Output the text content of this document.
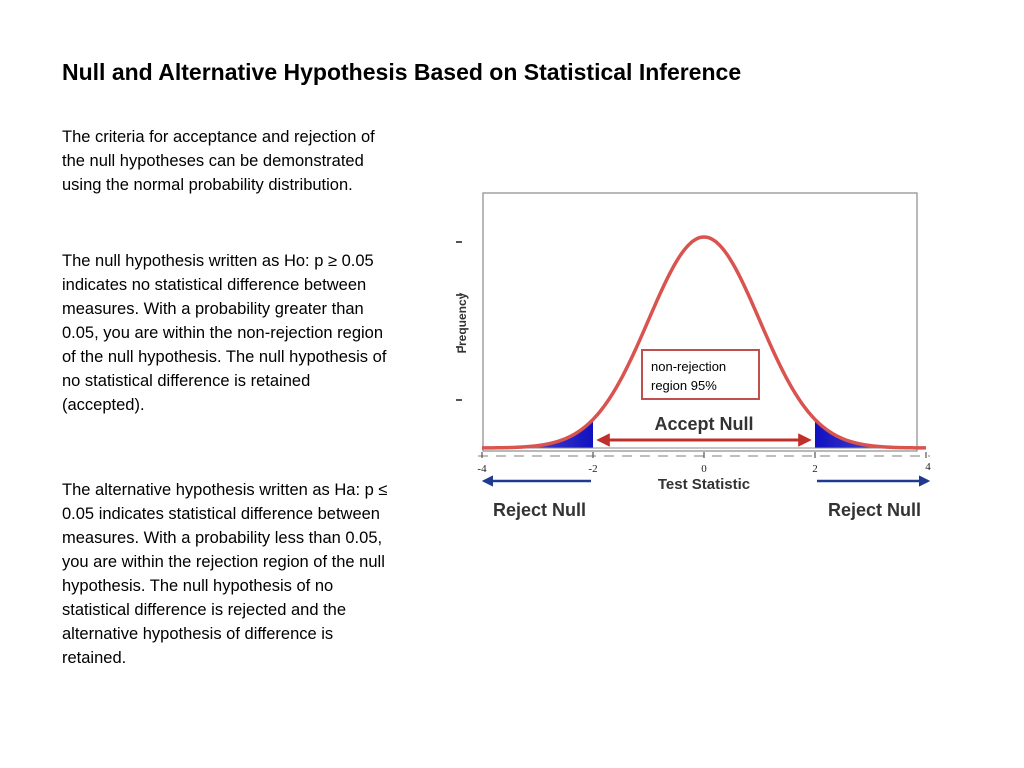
Null and Alternative Hypothesis Based on Statistical Inference

The criteria for acceptance and rejection of the null hypotheses can be demonstrated using the normal probability distribution.

The null hypothesis written as Ho: p ≥ 0.05 indicates no statistical difference between measures. With a probability greater than 0.05, you are within the non-rejection region of the null hypothesis. The null hypothesis of no statistical difference is retained (accepted).

The alternative hypothesis written as Ha: p ≤ 0.05 indicates statistical difference between measures. With a probability less than 0.05, you are within the rejection region of the null hypothesis. The null hypothesis of no statistical difference is rejected and the alternative hypothesis of difference is retained.

Frequency
-4	-2	0	2	4
Test Statistic
Accept Null
Reject Null	Reject Null
non-rejection region 95%
